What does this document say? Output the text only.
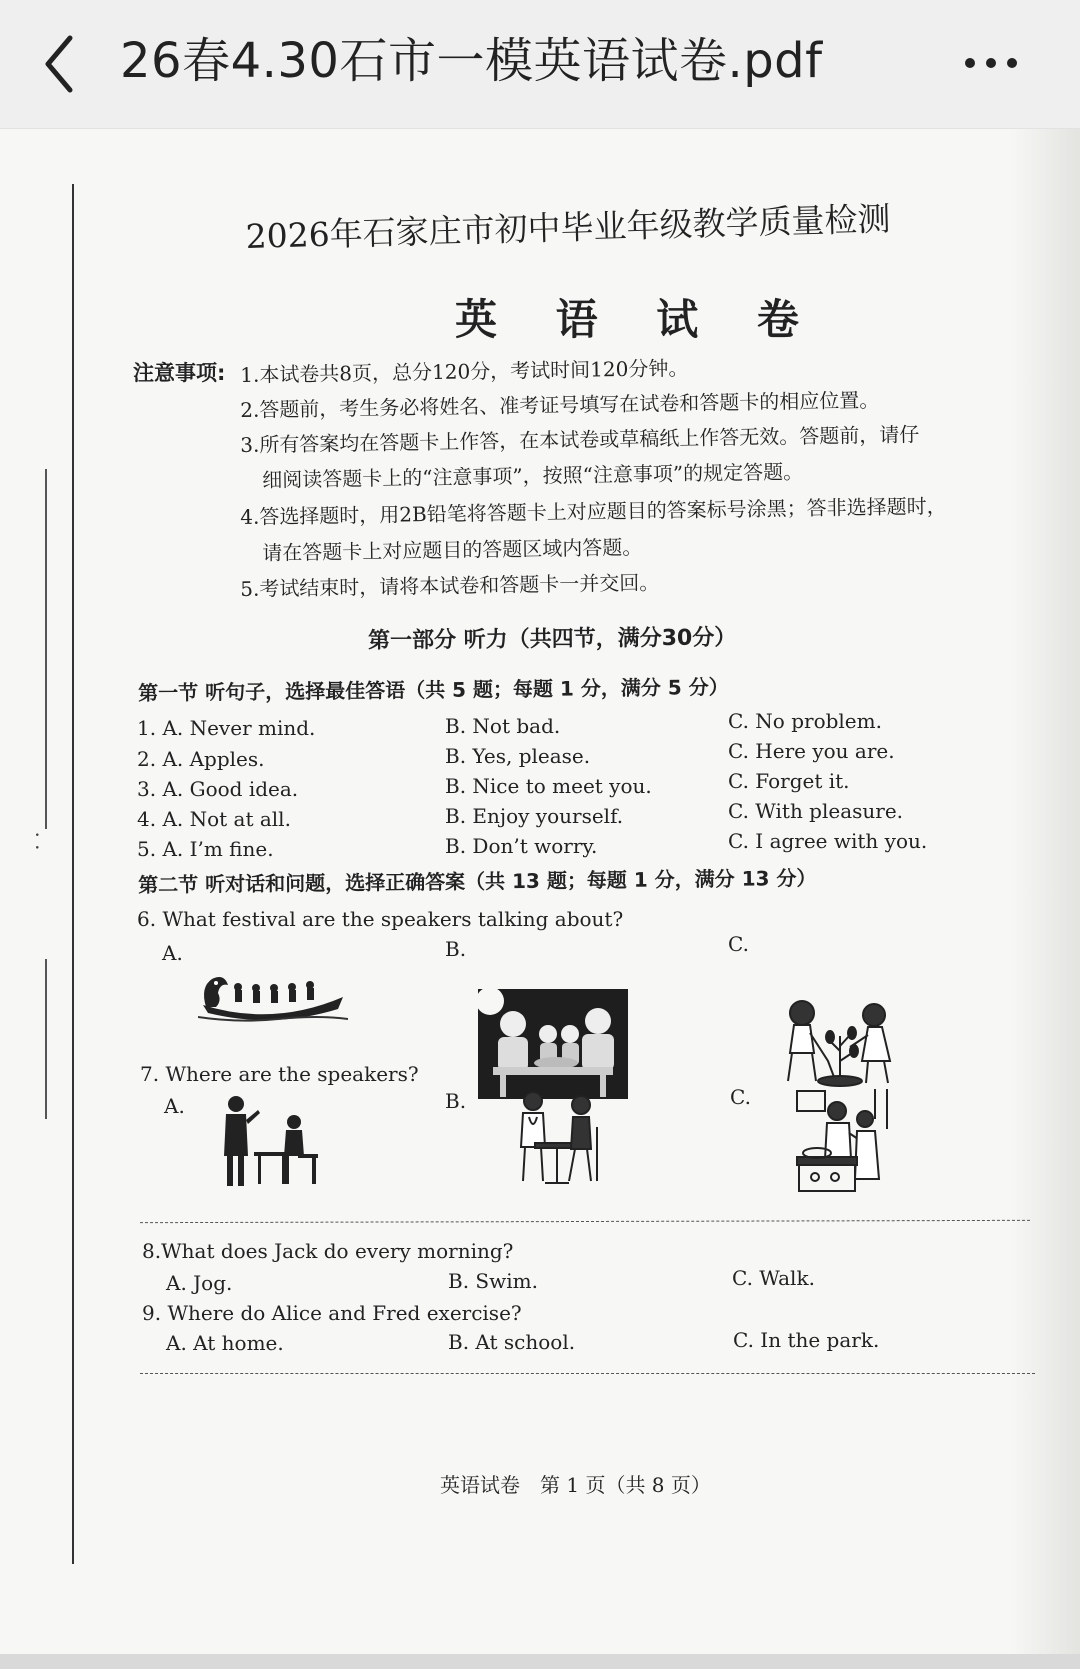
26春4.30石市一模英语试卷.pdf
· ·
2026年石家庄市初中毕业年级教学质量检测
英 语 试 卷
注意事项: 1.本试卷共8页，总分120分，考试时间120分钟。
2.答题前，考生务必将姓名、准考证号填写在试卷和答题卡的相应位置。
3.所有答案均在答题卡上作答，在本试卷或草稿纸上作答无效。答题前，请仔
细阅读答题卡上的“注意事项”，按照“注意事项”的规定答题。
4.答选择题时，用2B铅笔将答题卡上对应题目的答案标号涂黑；答非选择题时，
请在答题卡上对应题目的答题区域内答题。
5.考试结束时，请将本试卷和答题卡一并交回。
第一部分 听力（共四节，满分30分）
第一节 听句子，选择最佳答语（共 5 题；每题 1 分，满分 5 分）
1. A. Never mind.	B. Not bad.	C. No problem.
2. A. Apples.	B. Yes, please.	C. Here you are.
3. A. Good idea.	B. Nice to meet you.	C. Forget it.
4. A. Not at all.	B. Enjoy yourself.	C. With pleasure.
5. A. I’m fine.	B. Don’t worry.	C. I agree with you.
第二节 听对话和问题，选择正确答案（共 13 题；每题 1 分，满分 13 分）
6. What festival are the speakers talking about?
A.	B.	C.
7. Where are the speakers?
A.	B.	C.
8.What does Jack do every morning?
A. Jog.	B. Swim.	C. Walk.
9. Where do Alice and Fred exercise?
A. At home.	B. At school.	C. In the park.
英语试卷　第 1 页（共 8 页）
